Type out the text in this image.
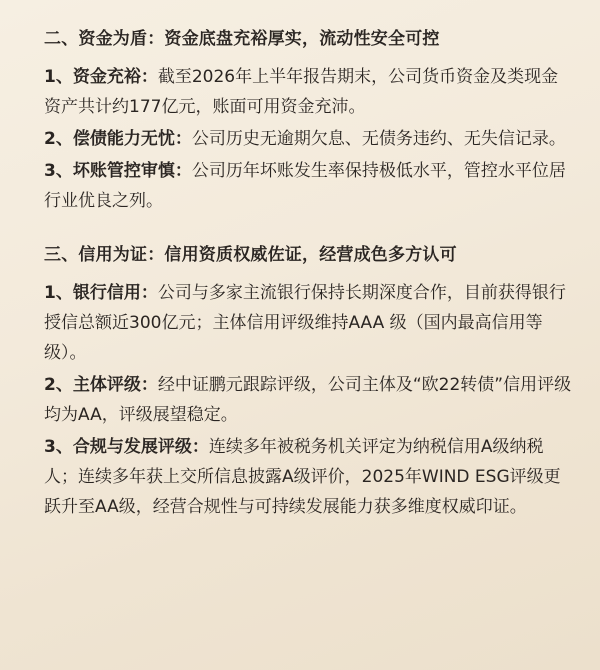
二、资金为盾：资金底盘充裕厚实，流动性安全可控
1、资金充裕：截至2026年上半年报告期末，公司货币资金及类现金资产共计约177亿元，账面可用资金充沛。
2、偿债能力无忧：公司历史无逾期欠息、无债务违约、无失信记录。
3、坏账管控审慎：公司历年坏账发生率保持极低水平，管控水平位居行业优良之列。
三、信用为证：信用资质权威佐证，经营成色多方认可
1、银行信用：公司与多家主流银行保持长期深度合作，目前获得银行授信总额近300亿元；主体信用评级维持AAA 级（国内最高信用等级）。
2、主体评级：经中证鹏元跟踪评级，公司主体及“欧22转债”信用评级均为AA，评级展望稳定。
3、合规与发展评级：连续多年被税务机关评定为纳税信用A级纳税人；连续多年获上交所信息披露A级评价，2025年WIND ESG评级更跃升至AA级，经营合规性与可持续发展能力获多维度权威印证。
